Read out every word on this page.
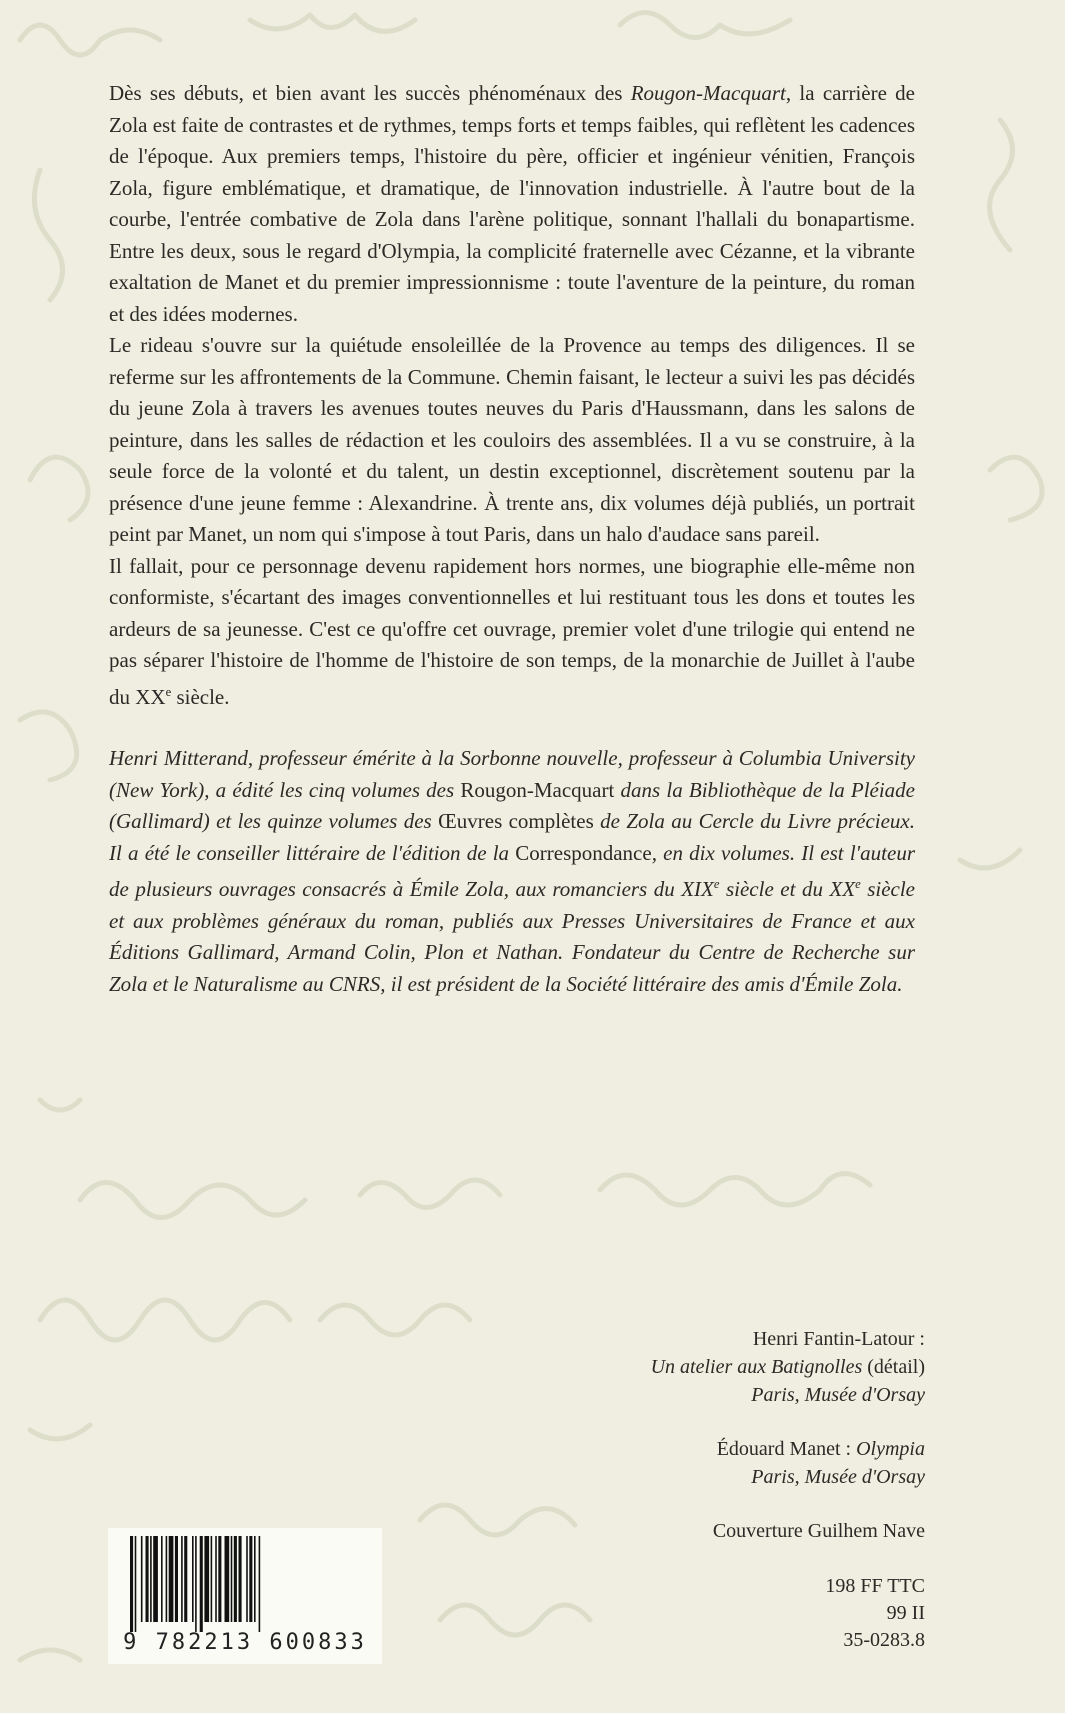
Dès ses débuts, et bien avant les succès phénoménaux des Rougon-Macquart, la carrière de Zola est faite de contrastes et de rythmes, temps forts et temps faibles, qui reflètent les cadences de l'époque. Aux premiers temps, l'histoire du père, officier et ingénieur vénitien, François Zola, figure emblématique, et dramatique, de l'innovation industrielle. À l'autre bout de la courbe, l'entrée combative de Zola dans l'arène politique, sonnant l'hallali du bonapartisme. Entre les deux, sous le regard d'Olympia, la complicité fraternelle avec Cézanne, et la vibrante exaltation de Manet et du premier impressionnisme : toute l'aventure de la peinture, du roman et des idées modernes.

Le rideau s'ouvre sur la quiétude ensoleillée de la Provence au temps des diligences. Il se referme sur les affrontements de la Commune. Chemin faisant, le lecteur a suivi les pas décidés du jeune Zola à travers les avenues toutes neuves du Paris d'Haussmann, dans les salons de peinture, dans les salles de rédaction et les couloirs des assemblées. Il a vu se construire, à la seule force de la volonté et du talent, un destin exceptionnel, discrètement soutenu par la présence d'une jeune femme : Alexandrine. À trente ans, dix volumes déjà publiés, un portrait peint par Manet, un nom qui s'impose à tout Paris, dans un halo d'audace sans pareil.

Il fallait, pour ce personnage devenu rapidement hors normes, une biographie elle-même non conformiste, s'écartant des images conventionnelles et lui restituant tous les dons et toutes les ardeurs de sa jeunesse. C'est ce qu'offre cet ouvrage, premier volet d'une trilogie qui entend ne pas séparer l'histoire de l'homme de l'histoire de son temps, de la monarchie de Juillet à l'aube du XXe siècle.

Henri Mitterand, professeur émérite à la Sorbonne nouvelle, professeur à Columbia University (New York), a édité les cinq volumes des Rougon-Macquart dans la Bibliothèque de la Pléiade (Gallimard) et les quinze volumes des Œuvres complètes de Zola au Cercle du Livre précieux. Il a été le conseiller littéraire de l'édition de la Correspondance, en dix volumes. Il est l'auteur de plusieurs ouvrages consacrés à Émile Zola, aux romanciers du XIXe siècle et du XXe siècle et aux problèmes généraux du roman, publiés aux Presses Universitaires de France et aux Éditions Gallimard, Armand Colin, Plon et Nathan. Fondateur du Centre de Recherche sur Zola et le Naturalisme au CNRS, il est président de la Société littéraire des amis d'Émile Zola.

Henri Fantin-Latour :

Un atelier aux Batignolles (détail)

Paris, Musée d'Orsay

Édouard Manet : Olympia

Paris, Musée d'Orsay

Couverture Guilhem Nave

198 FF TTC

99 II

35-0283.8

9 782213 600833
